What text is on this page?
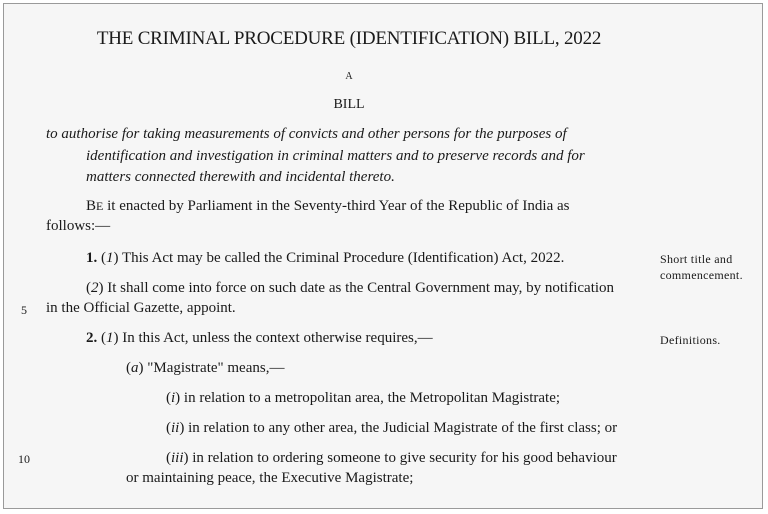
THE CRIMINAL PROCEDURE (IDENTIFICATION) BILL, 2022
A
BILL
to authorise for taking measurements of convicts and other persons for the purposes of
identification and investigation in criminal matters and to preserve records and for
matters connected therewith and incidental thereto.
BE it enacted by Parliament in the Seventy-third Year of the Republic of India as
follows:—
1. (1) This Act may be called the Criminal Procedure (Identification) Act, 2022.	Short title and
commencement.
(2) It shall come into force on such date as the Central Government may, by notification
5 in the Official Gazette, appoint.
2. (1) In this Act, unless the context otherwise requires,—	Definitions.
(a) "Magistrate" means,—
(i) in relation to a metropolitan area, the Metropolitan Magistrate;
(ii) in relation to any other area, the Judicial Magistrate of the first class; or
10	(iii) in relation to ordering someone to give security for his good behaviour
or maintaining peace, the Executive Magistrate;
